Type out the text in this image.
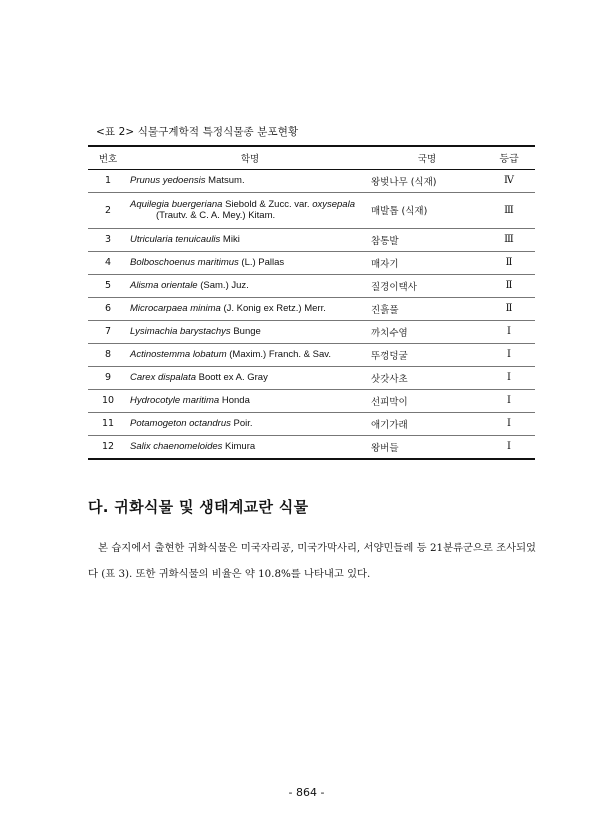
<표 2> 식물구계학적 특정식물종 분포현황
번호	학명	국명	등급
1	Prunus yedoensis Matsum.	왕벚나무 (식재)	Ⅳ
2	Aquilegia buergeriana Siebold & Zucc. var. oxysepala
(Trautv. & C. A. Mey.) Kitam.	매발톱 (식재)	Ⅲ
3	Utricularia tenuicaulis Miki	참통발	Ⅲ
4	Bolboschoenus maritimus (L.) Pallas	매자기	Ⅱ
5	Alisma orientale (Sam.) Juz.	질경이택사	Ⅱ
6	Microcarpaea minima (J. Konig ex Retz.) Merr.	진흙풀	Ⅱ
7	Lysimachia barystachys Bunge	까치수염	Ⅰ
8	Actinostemma lobatum (Maxim.) Franch. & Sav.	뚜껑덩굴	Ⅰ
9	Carex dispalata Boott ex A. Gray	삿갓사초	Ⅰ
10	Hydrocotyle maritima Honda	선피막이	Ⅰ
11	Potamogeton octandrus Poir.	애기가래	Ⅰ
12	Salix chaenomeloides Kimura	왕버들	Ⅰ
다. 귀화식물 및 생태계교란 식물

본 습지에서 출현한 귀화식물은 미국자리공, 미국가막사리, 서양민들레 등 21분류군으로 조사되었다 (표 3). 또한 귀화식물의 비율은 약 10.8%를 나타내고 있다.

- 864 -
